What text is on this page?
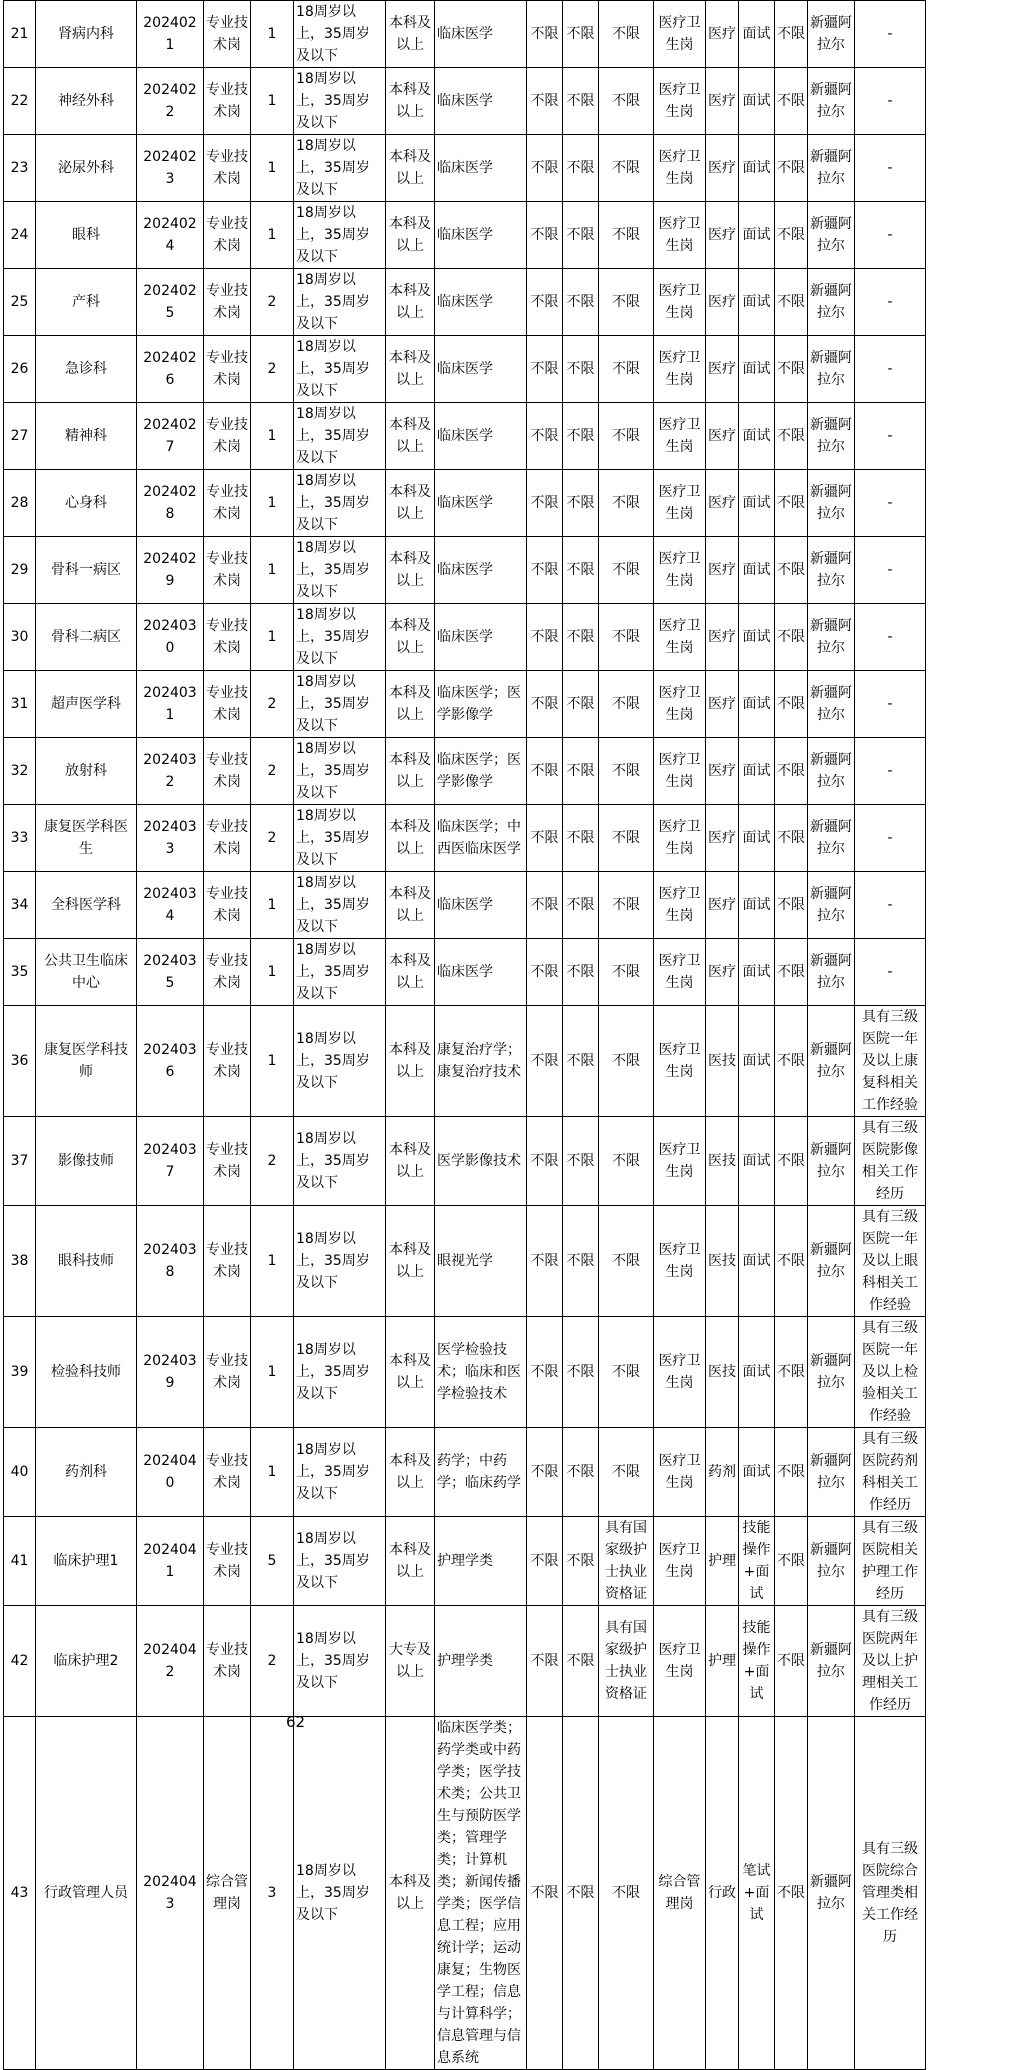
21	肾病内科	2024021	专业技术岗	1	18周岁以上，35周岁及以下	本科及以上	临床医学	不限	不限	不限	医疗卫生岗	医疗	面试	不限	新疆阿拉尔	-
22	神经外科	2024022	专业技术岗	1	18周岁以上，35周岁及以下	本科及以上	临床医学	不限	不限	不限	医疗卫生岗	医疗	面试	不限	新疆阿拉尔	-
23	泌尿外科	2024023	专业技术岗	1	18周岁以上，35周岁及以下	本科及以上	临床医学	不限	不限	不限	医疗卫生岗	医疗	面试	不限	新疆阿拉尔	-
24	眼科	2024024	专业技术岗	1	18周岁以上，35周岁及以下	本科及以上	临床医学	不限	不限	不限	医疗卫生岗	医疗	面试	不限	新疆阿拉尔	-
25	产科	2024025	专业技术岗	2	18周岁以上，35周岁及以下	本科及以上	临床医学	不限	不限	不限	医疗卫生岗	医疗	面试	不限	新疆阿拉尔	-
26	急诊科	2024026	专业技术岗	2	18周岁以上，35周岁及以下	本科及以上	临床医学	不限	不限	不限	医疗卫生岗	医疗	面试	不限	新疆阿拉尔	-
27	精神科	2024027	专业技术岗	1	18周岁以上，35周岁及以下	本科及以上	临床医学	不限	不限	不限	医疗卫生岗	医疗	面试	不限	新疆阿拉尔	-
28	心身科	2024028	专业技术岗	1	18周岁以上，35周岁及以下	本科及以上	临床医学	不限	不限	不限	医疗卫生岗	医疗	面试	不限	新疆阿拉尔	-
29	骨科一病区	2024029	专业技术岗	1	18周岁以上，35周岁及以下	本科及以上	临床医学	不限	不限	不限	医疗卫生岗	医疗	面试	不限	新疆阿拉尔	-
30	骨科二病区	2024030	专业技术岗	1	18周岁以上，35周岁及以下	本科及以上	临床医学	不限	不限	不限	医疗卫生岗	医疗	面试	不限	新疆阿拉尔	-
31	超声医学科	2024031	专业技术岗	2	18周岁以上，35周岁及以下	本科及以上	临床医学；医学影像学	不限	不限	不限	医疗卫生岗	医疗	面试	不限	新疆阿拉尔	-
32	放射科	2024032	专业技术岗	2	18周岁以上，35周岁及以下	本科及以上	临床医学；医学影像学	不限	不限	不限	医疗卫生岗	医疗	面试	不限	新疆阿拉尔	-
33	康复医学科医生	2024033	专业技术岗	2	18周岁以上，35周岁及以下	本科及以上	临床医学；中西医临床医学	不限	不限	不限	医疗卫生岗	医疗	面试	不限	新疆阿拉尔	-
34	全科医学科	2024034	专业技术岗	1	18周岁以上，35周岁及以下	本科及以上	临床医学	不限	不限	不限	医疗卫生岗	医疗	面试	不限	新疆阿拉尔	-
35	公共卫生临床中心	2024035	专业技术岗	1	18周岁以上，35周岁及以下	本科及以上	临床医学	不限	不限	不限	医疗卫生岗	医疗	面试	不限	新疆阿拉尔	-
36	康复医学科技师	2024036	专业技术岗	1	18周岁以上，35周岁及以下	本科及以上	康复治疗学；康复治疗技术	不限	不限	不限	医疗卫生岗	医技	面试	不限	新疆阿拉尔	具有三级医院一年及以上康复科相关工作经验
37	影像技师	2024037	专业技术岗	2	18周岁以上，35周岁及以下	本科及以上	医学影像技术	不限	不限	不限	医疗卫生岗	医技	面试	不限	新疆阿拉尔	具有三级医院影像相关工作经历
38	眼科技师	2024038	专业技术岗	1	18周岁以上，35周岁及以下	本科及以上	眼视光学	不限	不限	不限	医疗卫生岗	医技	面试	不限	新疆阿拉尔	具有三级医院一年及以上眼科相关工作经验
39	检验科技师	2024039	专业技术岗	1	18周岁以上，35周岁及以下	本科及以上	医学检验技术；临床和医学检验技术	不限	不限	不限	医疗卫生岗	医技	面试	不限	新疆阿拉尔	具有三级医院一年及以上检验相关工作经验
40	药剂科	2024040	专业技术岗	1	18周岁以上，35周岁及以下	本科及以上	药学；中药学；临床药学	不限	不限	不限	医疗卫生岗	药剂	面试	不限	新疆阿拉尔	具有三级医院药剂科相关工作经历
41	临床护理1	2024041	专业技术岗	5	18周岁以上，35周岁及以下	本科及以上	护理学类	不限	不限	具有国家级护士执业资格证	医疗卫生岗	护理	技能操作+面试	不限	新疆阿拉尔	具有三级医院相关护理工作经历
42	临床护理2	2024042	专业技术岗	2	18周岁以上，35周岁及以下	大专及以上	护理学类	不限	不限	具有国家级护士执业资格证	医疗卫生岗	护理	技能操作+面试	不限	新疆阿拉尔	具有三级医院两年及以上护理相关工作经历
43	行政管理人员	2024043	综合管理岗	3	18周岁以上，35周岁及以下	本科及以上	临床医学类；药学类或中药学类；医学技术类；公共卫生与预防医学类；管理学类；计算机类；新闻传播学类；医学信息工程；应用统计学；运动康复；生物医学工程；信息与计算科学；信息管理与信息系统	不限	不限	不限	综合管理岗	行政	笔试+面试	不限	新疆阿拉尔	具有三级医院综合管理类相关工作经历
62
